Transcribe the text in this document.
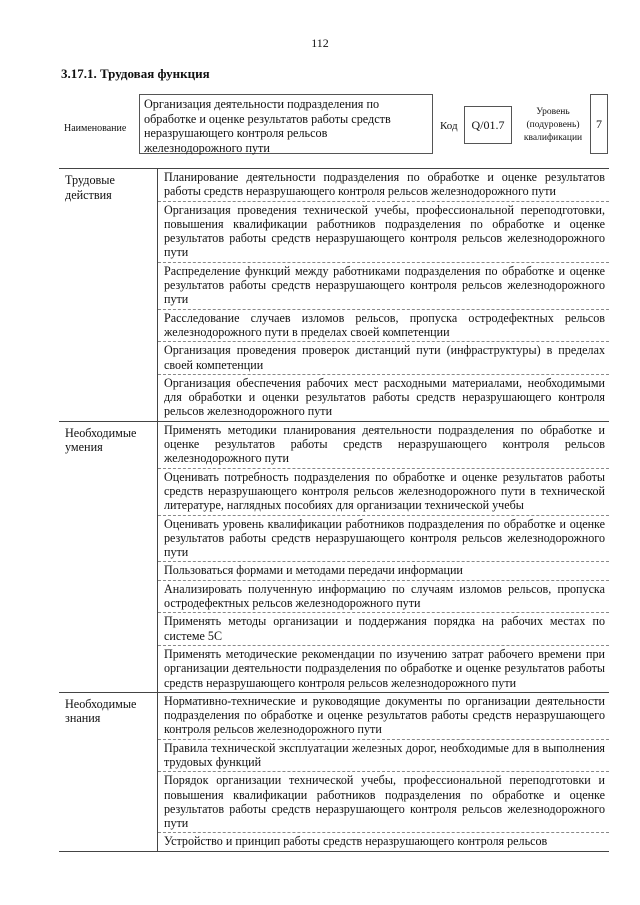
112
3.17.1. Трудовая функция
Наименование
Организация деятельности подразделения по обработке и оценке результатов работы средств неразрушающего контроля рельсов железнодорожного пути
Код	Q/01.7
Уровень (подуровень) квалификации
7
Трудовые действия
Планирование деятельности подразделения по обработке и оценке результатов работы средств неразрушающего контроля рельсов железнодорожного пути
Организация проведения технической учебы, профессиональной переподготовки, повышения квалификации работников подразделения по обработке и оценке результатов работы средств неразрушающего контроля рельсов железнодорожного пути
Распределение функций между работниками подразделения по обработке и оценке результатов работы средств неразрушающего контроля рельсов железнодорожного пути
Расследование случаев изломов рельсов, пропуска остродефектных рельсов железнодорожного пути в пределах своей компетенции
Организация проведения проверок дистанций пути (инфраструктуры) в пределах своей компетенции
Организация обеспечения рабочих мест расходными материалами, необходимыми для обработки и оценки результатов работы средств неразрушающего контроля рельсов железнодорожного пути
Необходимые умения
Применять методики планирования деятельности подразделения по обработке и оценке результатов работы средств неразрушающего контроля рельсов железнодорожного пути
Оценивать потребность подразделения по обработке и оценке результатов работы средств неразрушающего контроля рельсов железнодорожного пути в технической литературе, наглядных пособиях для организации технической учебы
Оценивать уровень квалификации работников подразделения по обработке и оценке результатов работы средств неразрушающего контроля рельсов железнодорожного пути
Пользоваться формами и методами передачи информации
Анализировать полученную информацию по случаям изломов рельсов, пропуска остродефектных рельсов железнодорожного пути
Применять методы организации и поддержания порядка на рабочих местах по системе 5С
Применять методические рекомендации по изучению затрат рабочего времени при организации деятельности подразделения по обработке и оценке результатов работы средств неразрушающего контроля рельсов железнодорожного пути
Необходимые знания
Нормативно-технические и руководящие документы по организации деятельности подразделения по обработке и оценке результатов работы средств неразрушающего контроля рельсов железнодорожного пути
Правила технической эксплуатации железных дорог, необходимые для в выполнения трудовых функций
Порядок организации технической учебы, профессиональной переподготовки и повышения квалификации работников подразделения по обработке и оценке результатов работы средств неразрушающего контроля рельсов железнодорожного пути
Устройство и принцип работы средств неразрушающего контроля рельсов
